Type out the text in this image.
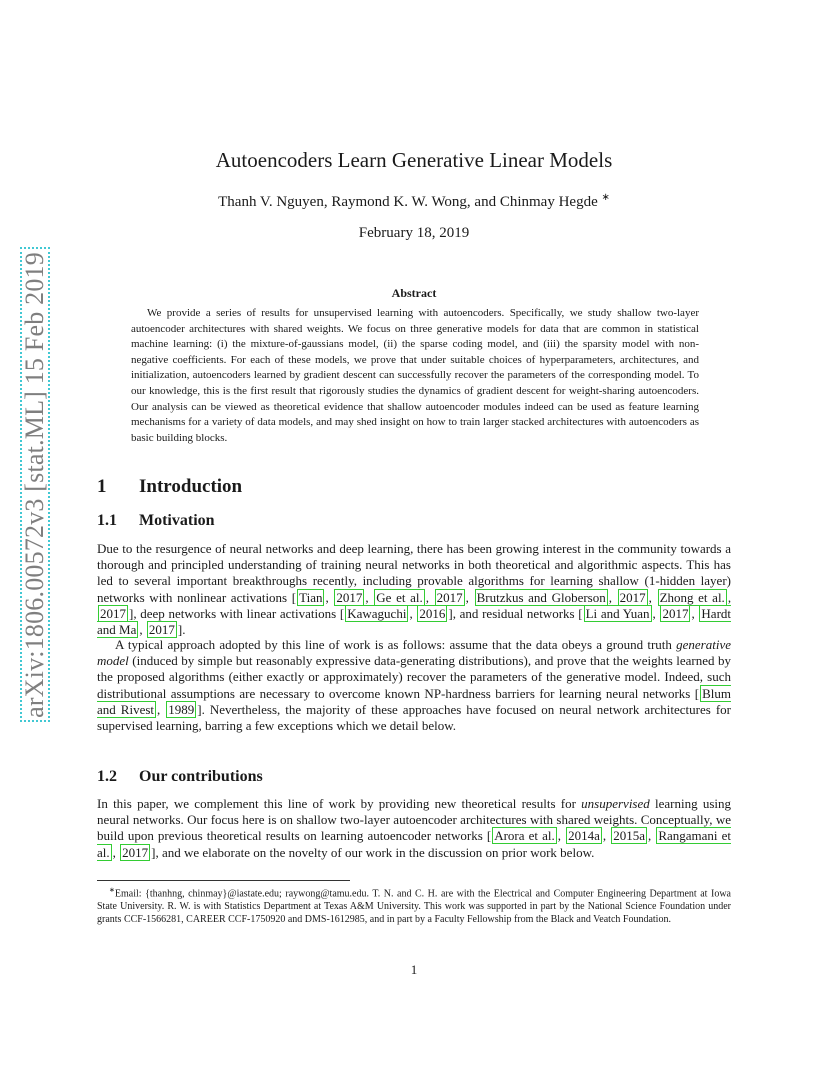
arXiv:1806.00572v3 [stat.ML] 15 Feb 2019
Autoencoders Learn Generative Linear Models
Thanh V. Nguyen, Raymond K. W. Wong, and Chinmay Hegde ∗
February 18, 2019
Abstract
We provide a series of results for unsupervised learning with autoencoders. Specifically, we study shallow two-layer autoencoder architectures with shared weights. We focus on three generative models for data that are common in statistical machine learning: (i) the mixture-of-gaussians model, (ii) the sparse coding model, and (iii) the sparsity model with non-negative coefficients. For each of these models, we prove that under suitable choices of hyperparameters, architectures, and initialization, autoencoders learned by gradient descent can successfully recover the parameters of the corresponding model. To our knowledge, this is the first result that rigorously studies the dynamics of gradient descent for weight-sharing autoencoders. Our analysis can be viewed as theoretical evidence that shallow autoencoder modules indeed can be used as feature learning mechanisms for a variety of data models, and may shed insight on how to train larger stacked architectures with autoencoders as basic building blocks.
1 Introduction
1.1 Motivation
Due to the resurgence of neural networks and deep learning, there has been growing interest in the community towards a thorough and principled understanding of training neural networks in both theoretical and algorithmic aspects. This has led to several important breakthroughs recently, including provable algorithms for learning shallow (1-hidden layer) networks with nonlinear activations [ Tian , 2017 , Ge et al. , 2017 , Brutzkus and Globerson , 2017 , Zhong et al. , 2017 ], deep networks with linear activations [ Kawaguchi , 2016 ], and residual networks [ Li and Yuan , 2017 , Hardt and Ma , 2017 ].
A typical approach adopted by this line of work is as follows: assume that the data obeys a ground truth generative model (induced by simple but reasonably expressive data-generating distributions), and prove that the weights learned by the proposed algorithms (either exactly or approximately) recover the parameters of the generative model. Indeed, such distributional assumptions are necessary to overcome known NP-hardness barriers for learning neural networks [ Blum and Rivest , 1989 ]. Nevertheless, the majority of these approaches have focused on neural network architectures for supervised learning, barring a few exceptions which we detail below.
1.2 Our contributions
In this paper, we complement this line of work by providing new theoretical results for unsupervised learning using neural networks. Our focus here is on shallow two-layer autoencoder architectures with shared weights. Conceptually, we build upon previous theoretical results on learning autoencoder networks [ Arora et al. , 2014a , 2015a , Rangamani et al. , 2017 ], and we elaborate on the novelty of our work in the discussion on prior work below.
∗Email: {thanhng, chinmay}@iastate.edu; raywong@tamu.edu. T. N. and C. H. are with the Electrical and Computer Engineering Department at Iowa State University. R. W. is with Statistics Department at Texas A&M University. This work was supported in part by the National Science Foundation under grants CCF-1566281, CAREER CCF-1750920 and DMS-1612985, and in part by a Faculty Fellowship from the Black and Veatch Foundation.
1
